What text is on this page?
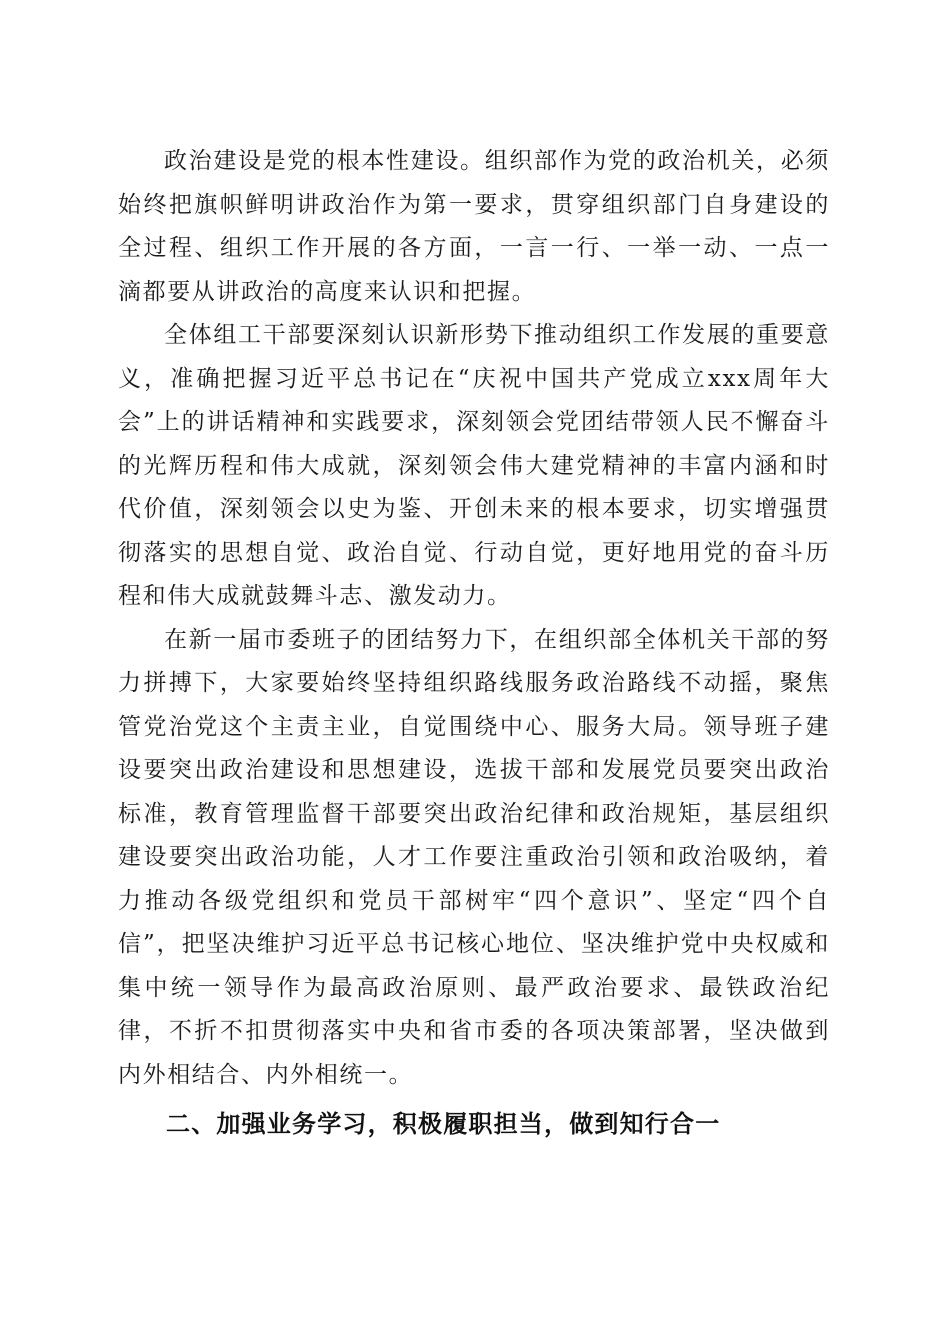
政治建设是党的根本性建设。组织部作为党的政治机关，必须始终把旗帜鲜明讲政治作为第一要求，贯穿组织部门自身建设的全过程、组织工作开展的各方面，一言一行、一举一动、一点一滴都要从讲政治的高度来认识和把握。

全体组工干部要深刻认识新形势下推动组织工作发展的重要意义，准确把握习近平总书记在“庆祝中国共产党成立xxx周年大会”上的讲话精神和实践要求，深刻领会党团结带领人民不懈奋斗的光辉历程和伟大成就，深刻领会伟大建党精神的丰富内涵和时代价值，深刻领会以史为鉴、开创未来的根本要求，切实增强贯彻落实的思想自觉、政治自觉、行动自觉，更好地用党的奋斗历程和伟大成就鼓舞斗志、激发动力。

在新一届市委班子的团结努力下，在组织部全体机关干部的努力拼搏下，大家要始终坚持组织路线服务政治路线不动摇，聚焦管党治党这个主责主业，自觉围绕中心、服务大局。领导班子建设要突出政治建设和思想建设，选拔干部和发展党员要突出政治标准，教育管理监督干部要突出政治纪律和政治规矩，基层组织建设要突出政治功能，人才工作要注重政治引领和政治吸纳，着力推动各级党组织和党员干部树牢“四个意识”、坚定“四个自信”，把坚决维护习近平总书记核心地位、坚决维护党中央权威和集中统一领导作为最高政治原则、最严政治要求、最铁政治纪律，不折不扣贯彻落实中央和省市委的各项决策部署，坚决做到内外相结合、内外相统一。

二、加强业务学习，积极履职担当，做到知行合一
